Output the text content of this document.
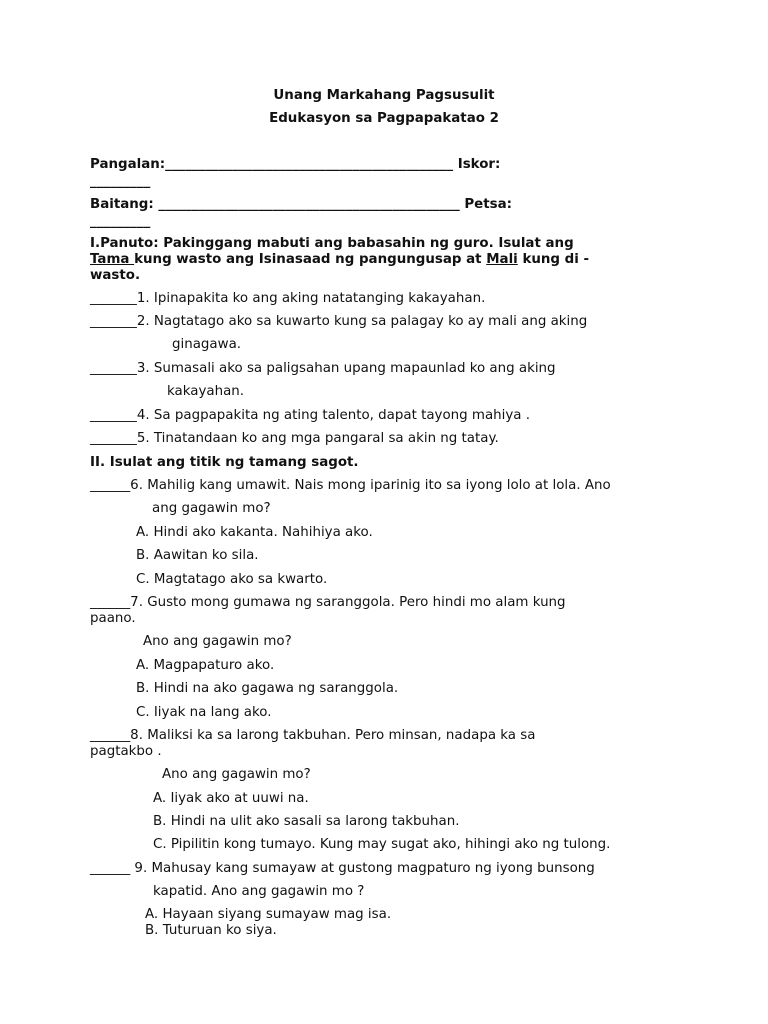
Unang Markahang Pagsusulit
Edukasyon sa Pagpapakatao 2
Pangalan:___________________________________________ Iskor:
_________
Baitang: _____________________________________________ Petsa:
_________
I.Panuto: Pakinggang mabuti ang babasahin ng guro. Isulat ang
Tama kung wasto ang Isinasaad ng pangungusap at Mali kung di -
wasto.
_______1. Ipinapakita ko ang aking natatanging kakayahan.
_______2. Nagtatago ako sa kuwarto kung sa palagay ko ay mali ang aking
ginagawa.
_______3. Sumasali ako sa paligsahan upang mapaunlad ko ang aking
kakayahan.
_______4. Sa pagpapakita ng ating talento, dapat tayong mahiya .
_______5. Tinatandaan ko ang mga pangaral sa akin ng tatay.
II. Isulat ang titik ng tamang sagot.
______6. Mahilig kang umawit. Nais mong iparinig ito sa iyong lolo at lola. Ano
ang gagawin mo?
A. Hindi ako kakanta. Nahihiya ako.
B. Aawitan ko sila.
C. Magtatago ako sa kwarto.
______7. Gusto mong gumawa ng saranggola. Pero hindi mo alam kung
paano.
Ano ang gagawin mo?
A. Magpapaturo ako.
B. Hindi na ako gagawa ng saranggola.
C. Iiyak na lang ako.
______8. Maliksi ka sa larong takbuhan. Pero minsan, nadapa ka sa
pagtakbo .
Ano ang gagawin mo?
A. Iiyak ako at uuwi na.
B. Hindi na ulit ako sasali sa larong takbuhan.
C. Pipilitin kong tumayo. Kung may sugat ako, hihingi ako ng tulong.
______ 9. Mahusay kang sumayaw at gustong magpaturo ng iyong bunsong
kapatid. Ano ang gagawin mo ?
A. Hayaan siyang sumayaw mag isa.
B. Tuturuan ko siya.
